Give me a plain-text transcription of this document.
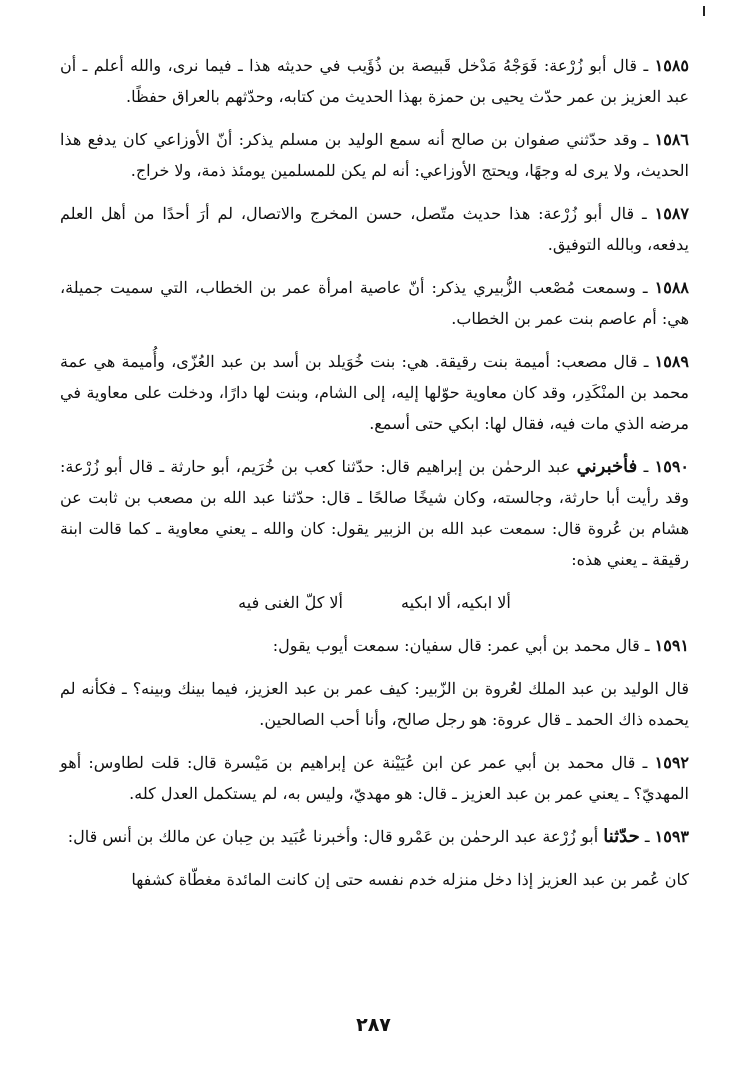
١٥٨٥ ـ قال أبو زُرْعة: فَوَجْهُ مَدْخل قَبيصة بن ذُؤَيب في حديثه هذا ـ فيما نرى، والله أعلم ـ أن عبد العزيز بن عمر حدّث يحيى بن حمزة بهذا الحديث من كتابه، وحدّثهم بالعراق حفظًا.

١٥٨٦ ـ وقد حدّثني صفوان بن صالح أنه سمع الوليد بن مسلم يذكر: أنّ الأوزاعي كان يدفع هذا الحديث، ولا يرى له وجهًا، ويحتج الأوزاعي: أنه لم يكن للمسلمين يومئذ ذمة، ولا خراج.

١٥٨٧ ـ قال أبو زُرْعة: هذا حديث متّصل، حسن المخرج والاتصال، لم أرَ أحدًا من أهل العلم يدفعه، وبالله التوفيق.

١٥٨٨ ـ وسمعت مُصْعب الزُّبيري يذكر: أنّ عاصية امرأة عمر بن الخطاب، التي سميت جميلة، هي: أم عاصم بنت عمر بن الخطاب.

١٥٨٩ ـ قال مصعب: أميمة بنت رقيقة. هي: بنت خُوَيلد بن أسد بن عبد العُزّى، وأُميمة هي عمة محمد بن المنْكَدِر، وقد كان معاوية حوّلها إليه، إلى الشام، وبنت لها دارًا، ودخلت على معاوية في مرضه الذي مات فيه، فقال لها: ابكي حتى أسمع.

١٥٩٠ ـ فأخبرني عبد الرحمٰن بن إبراهيم قال: حدّثنا كعب بن خُرَيم، أبو حارثة ـ قال أبو زُرْعة: وقد رأيت أبا حارثة، وجالسته، وكان شيخًا صالحًا ـ قال: حدّثنا عبد الله بن مصعب بن ثابت عن هشام بن عُروة قال: سمعت عبد الله بن الزبير يقول: كان والله ـ يعني معاوية ـ كما قالت ابنة رقيقة ـ يعني هذه:

ألا ابكيه، ألا ابكيه
ألا كلّ الغنى فيه

١٥٩١ ـ قال محمد بن أبي عمر: قال سفيان: سمعت أيوب يقول:

قال الوليد بن عبد الملك لعُروة بن الزّبير: كيف عمر بن عبد العزيز، فيما بينك وبينه؟ ـ فكأنه لم يحمده ذاك الحمد ـ قال عروة: هو رجل صالح، وأنا أحب الصالحين.

١٥٩٢ ـ قال محمد بن أبي عمر عن ابن عُيَيْنة عن إبراهيم بن مَيْسرة قال: قلت لطاوس: أهو المهديّ؟ ـ يعني عمر بن عبد العزيز ـ قال: هو مهديّ، وليس به، لم يستكمل العدل كله.

١٥٩٣ ـ حدّثنا أبو زُرْعة عبد الرحمٰن بن عَمْرو قال: وأخبرنا عُبَيد بن حِبان عن مالك بن أنس قال:

كان عُمر بن عبد العزيز إذا دخل منزله خدم نفسه حتى إن كانت المائدة مغطّاة كشفها

٢٨٧
